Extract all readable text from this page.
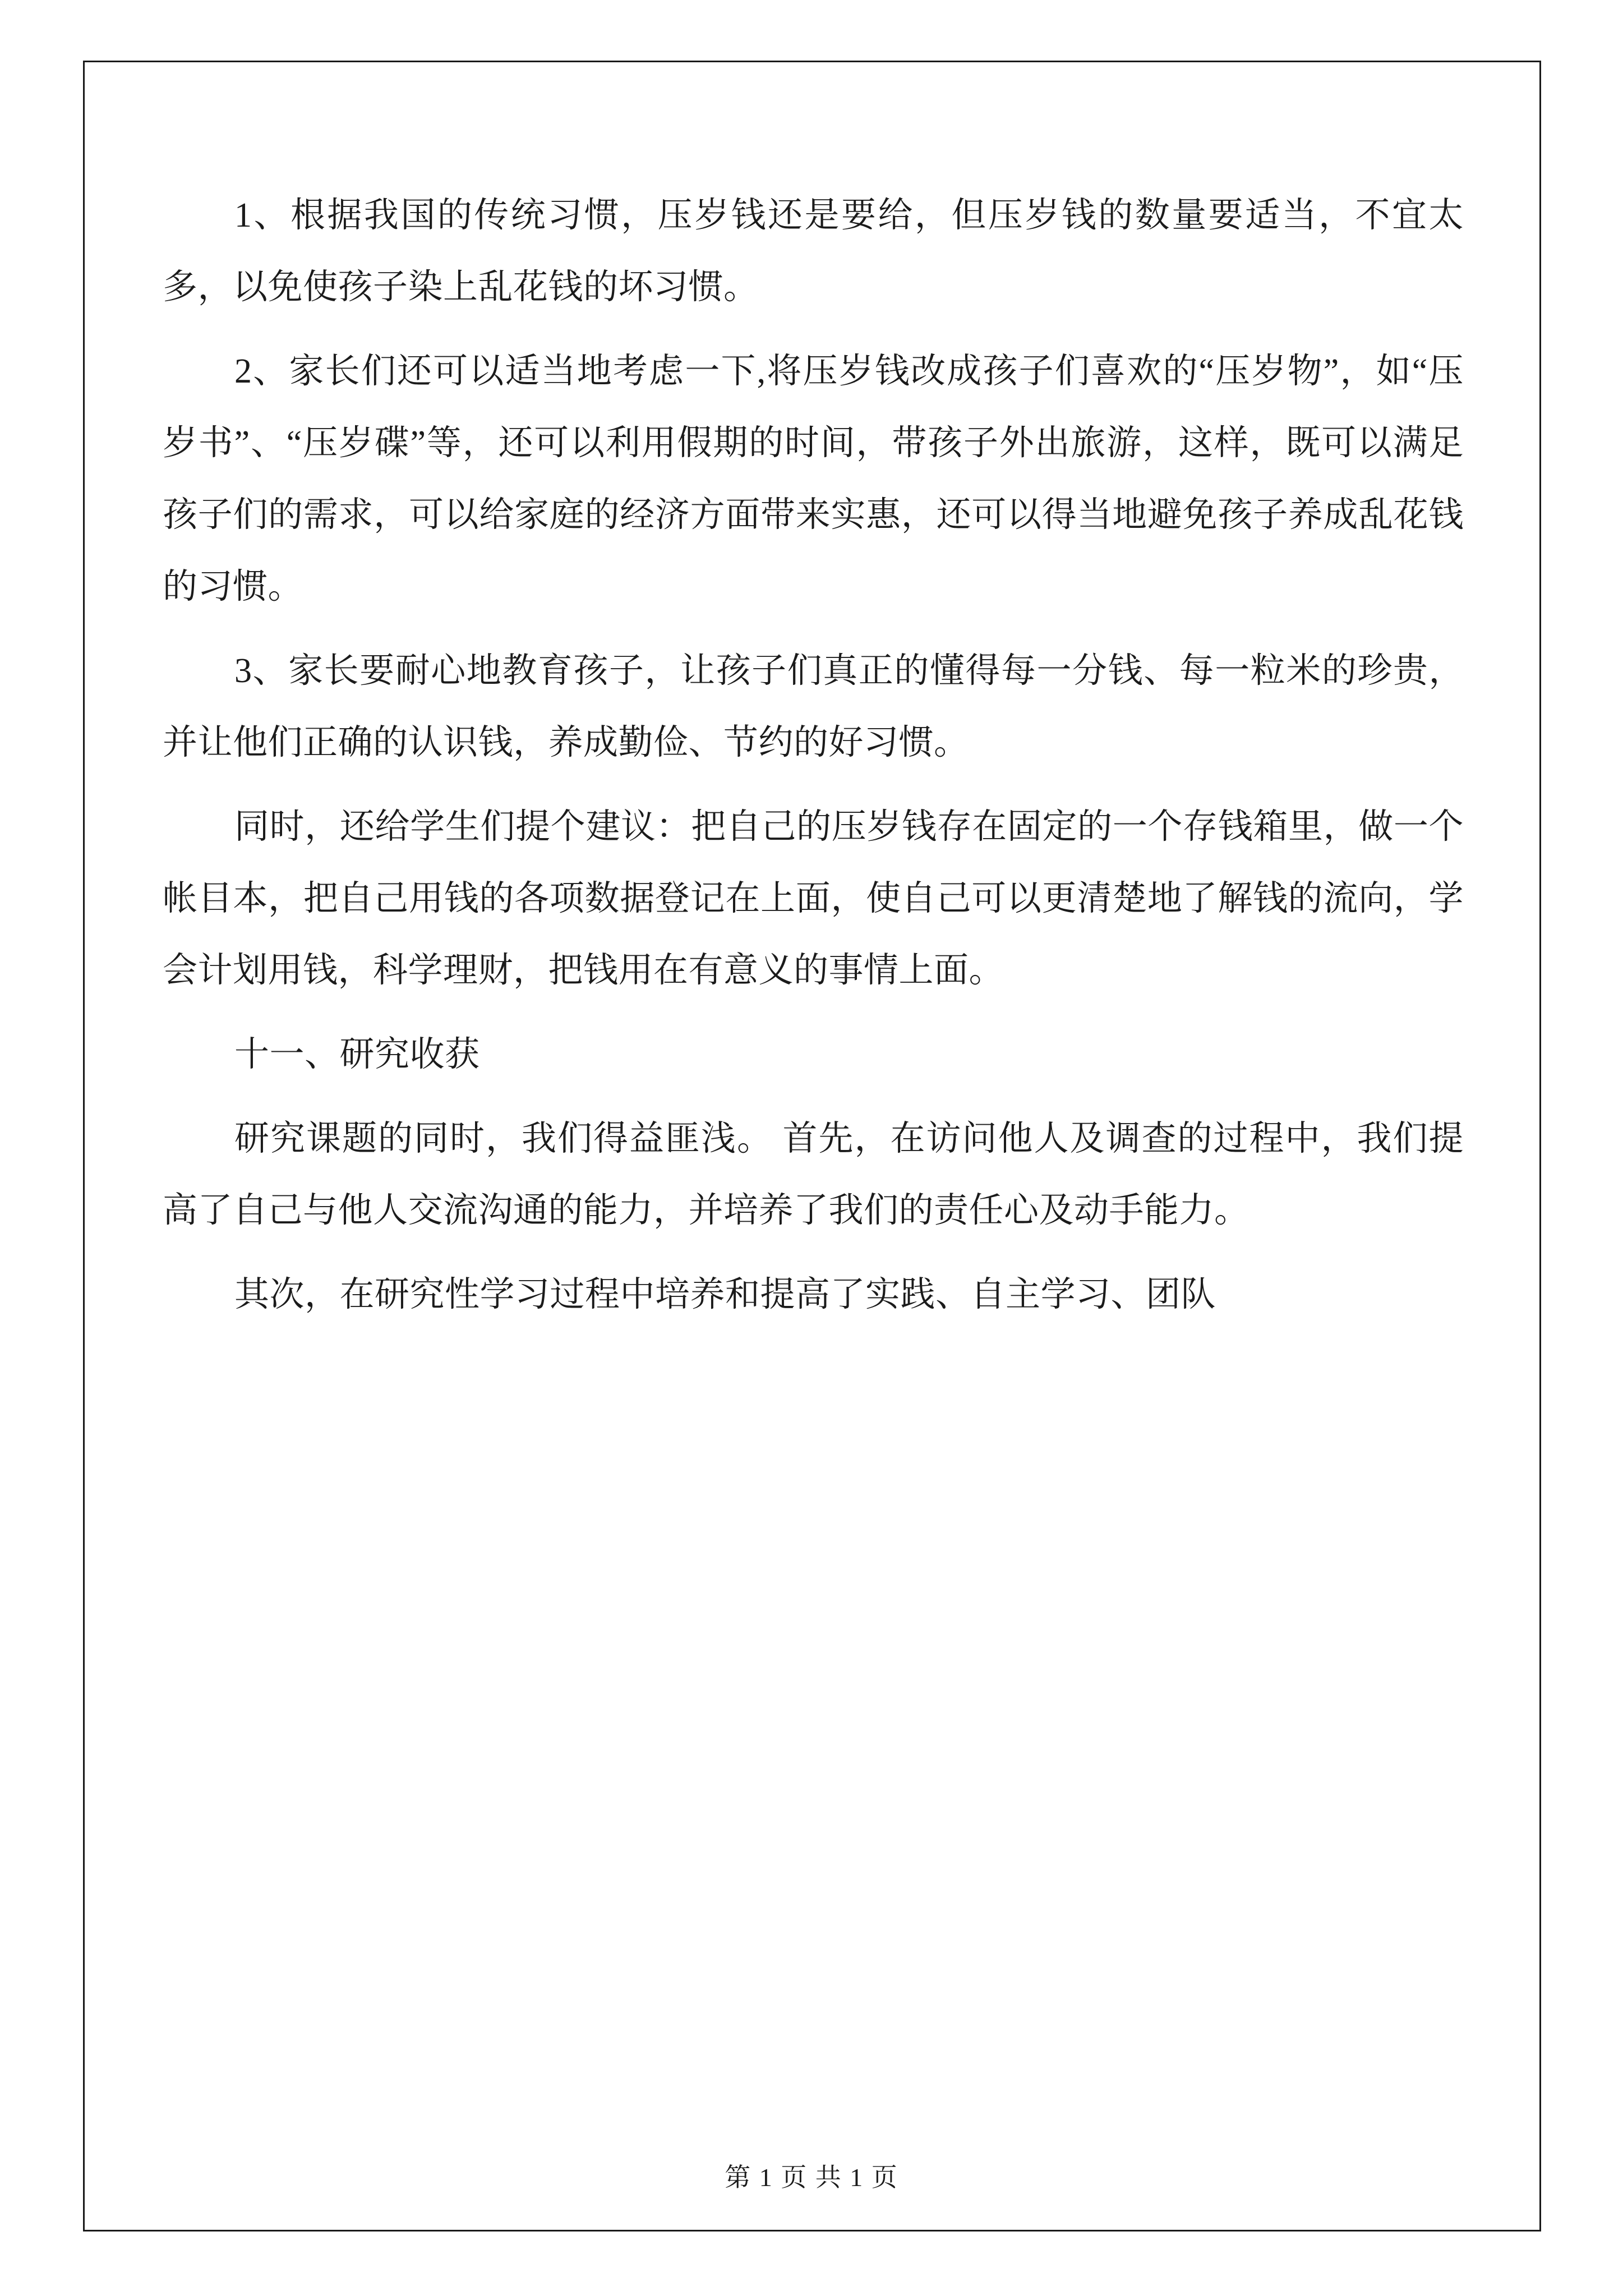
1、根据我国的传统习惯，压岁钱还是要给，但压岁钱的数量要适当，不宜太多，以免使孩子染上乱花钱的坏习惯。

2、家长们还可以适当地考虑一下,将压岁钱改成孩子们喜欢的“压岁物”，如“压岁书”、“压岁碟”等，还可以利用假期的时间，带孩子外出旅游，这样，既可以满足孩子们的需求，可以给家庭的经济方面带来实惠，还可以得当地避免孩子养成乱花钱的习惯。

3、家长要耐心地教育孩子，让孩子们真正的懂得每一分钱、每一粒米的珍贵，并让他们正确的认识钱，养成勤俭、节约的好习惯。

同时，还给学生们提个建议：把自己的压岁钱存在固定的一个存钱箱里，做一个帐目本，把自己用钱的各项数据登记在上面，使自己可以更清楚地了解钱的流向，学会计划用钱，科学理财，把钱用在有意义的事情上面。

十一、研究收获

研究课题的同时，我们得益匪浅。 首先，在访问他人及调查的过程中，我们提高了自己与他人交流沟通的能力，并培养了我们的责任心及动手能力。

其次，在研究性学习过程中培养和提高了实践、自主学习、团队

第 1 页 共 1 页
